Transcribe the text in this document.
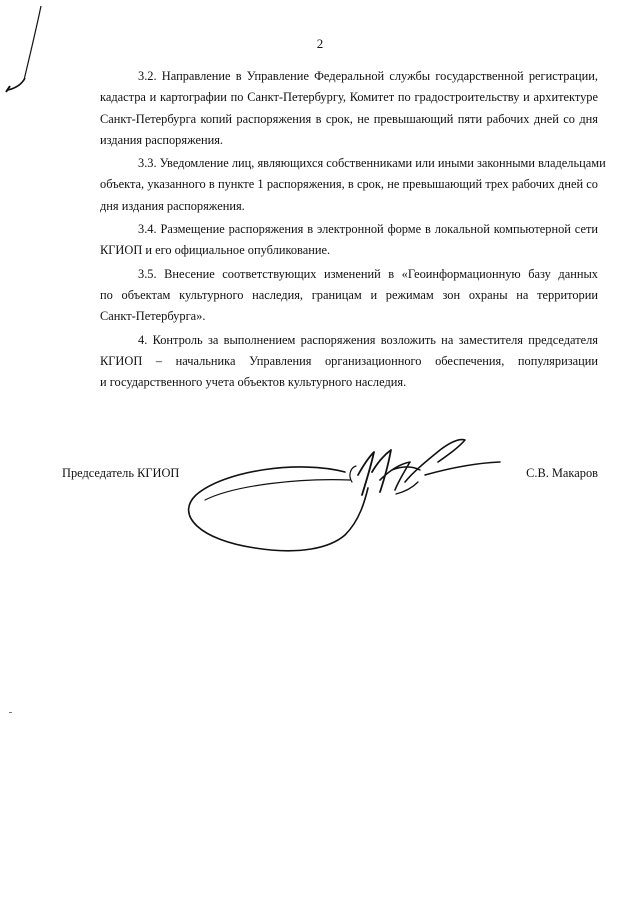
2
3.2. Направление в Управление Федеральной службы государственной регистрации,
кадастра и картографии по Санкт-Петербургу, Комитет по градостроительству и архитектуре
Санкт-Петербурга копий распоряжения в срок, не превышающий пяти рабочих дней со дня
издания распоряжения.
3.3. Уведомление лиц, являющихся собственниками или иными законными владельцами
объекта, указанного в пункте 1 распоряжения, в срок, не превышающий трех рабочих дней со
дня издания распоряжения.
3.4. Размещение распоряжения в электронной форме в локальной компьютерной сети
КГИОП и его официальное опубликование.
3.5. Внесение соответствующих изменений в «Геоинформационную базу данных
по объектам культурного наследия, границам и режимам зон охраны на территории
Санкт-Петербурга».
4. Контроль за выполнением распоряжения возложить на заместителя председателя
КГИОП – начальника Управления организационного обеспечения, популяризации
и государственного учета объектов культурного наследия.
Председатель КГИОП	С.В. Макаров
